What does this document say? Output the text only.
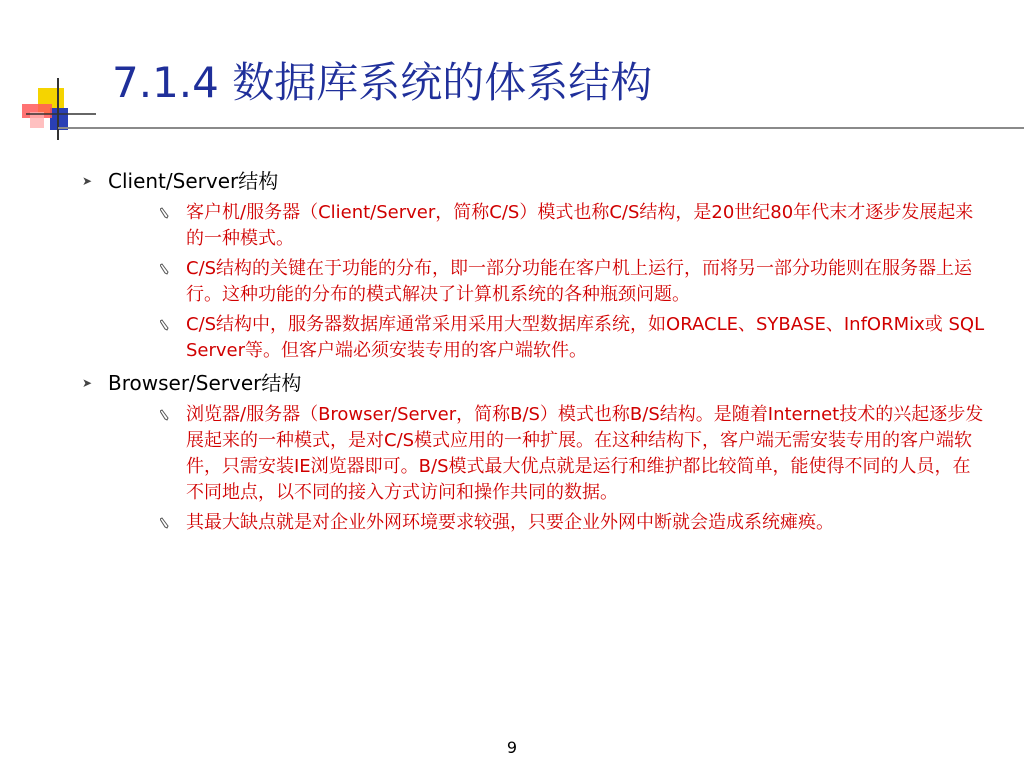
7.1.4 数据库系统的体系结构
➤ Client/Server结构
客户机/服务器（Client/Server，简称C/S）模式也称C/S结构，是20世纪80年代末才逐步发展起来的一种模式。
C/S结构的关键在于功能的分布，即一部分功能在客户机上运行，而将另一部分功能则在服务器上运行。这种功能的分布的模式解决了计算机系统的各种瓶颈问题。
C/S结构中，服务器数据库通常采用采用大型数据库系统，如ORACLE、SYBASE、InfORMix或 SQL Server等。但客户端必须安装专用的客户端软件。
➤ Browser/Server结构
浏览器/服务器（Browser/Server，简称B/S）模式也称B/S结构。是随着Internet技术的兴起逐步发展起来的一种模式，是对C/S模式应用的一种扩展。在这种结构下，客户端无需安装专用的客户端软件，只需安装IE浏览器即可。B/S模式最大优点就是运行和维护都比较简单，能使得不同的人员，在不同地点，以不同的接入方式访问和操作共同的数据。
其最大缺点就是对企业外网环境要求较强，只要企业外网中断就会造成系统瘫痪。
9
